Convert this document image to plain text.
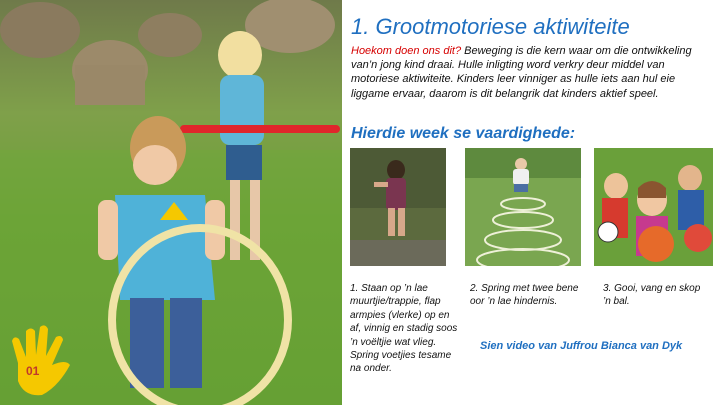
01
1. Grootmotoriese aktiwiteite
Hoekom doen ons dit? Beweging is die kern waar om die ontwikkeling van’n jong kind draai. Hulle inligting word verkry deur middel van motoriese aktiwiteite. Kinders leer vinniger as hulle iets aan hul eie liggame ervaar, daarom is dit belangrik dat kinders aktief speel.
Hierdie week se vaardighede:
1. Staan op ’n lae muurtjie/trappie, flap armpies (vlerke) op en af, vinnig en stadig soos ’n voëltjie wat vlieg. Spring voetjies tesame na onder.
2. Spring met twee bene oor ’n lae hindernis.
3. Gooi, vang en skop ’n bal.
Sien video van Juffrou Bianca van Dyk
